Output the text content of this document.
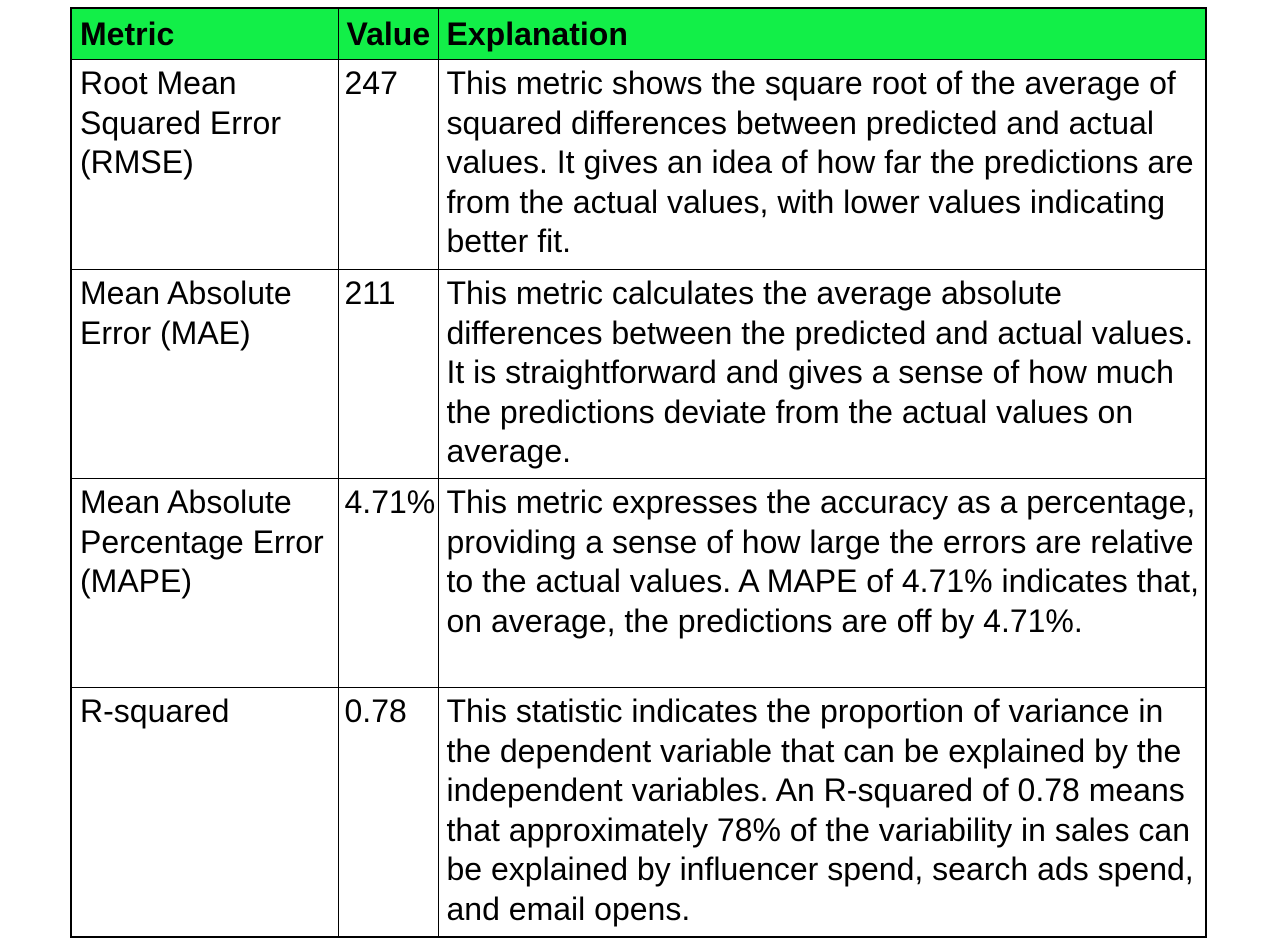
Metric	Value	Explanation
Root Mean Squared Error (RMSE)	247	This metric shows the square root of the average of squared differences between predicted and actual values. It gives an idea of how far the predictions are from the actual values, with lower values indicating better fit.
Mean Absolute Error (MAE)	211	This metric calculates the average absolute differences between the predicted and actual values. It is straightforward and gives a sense of how much the predictions deviate from the actual values on average.
Mean Absolute Percentage Error (MAPE)	4.71%	This metric expresses the accuracy as a percentage, providing a sense of how large the errors are relative to the actual values. A MAPE of 4.71% indicates that, on average, the predictions are off by 4.71%.
R-squared	0.78	This statistic indicates the proportion of variance in the dependent variable that can be explained by the independent variables. An R-squared of 0.78 means that approximately 78% of the variability in sales can be explained by influencer spend, search ads spend, and email opens.
